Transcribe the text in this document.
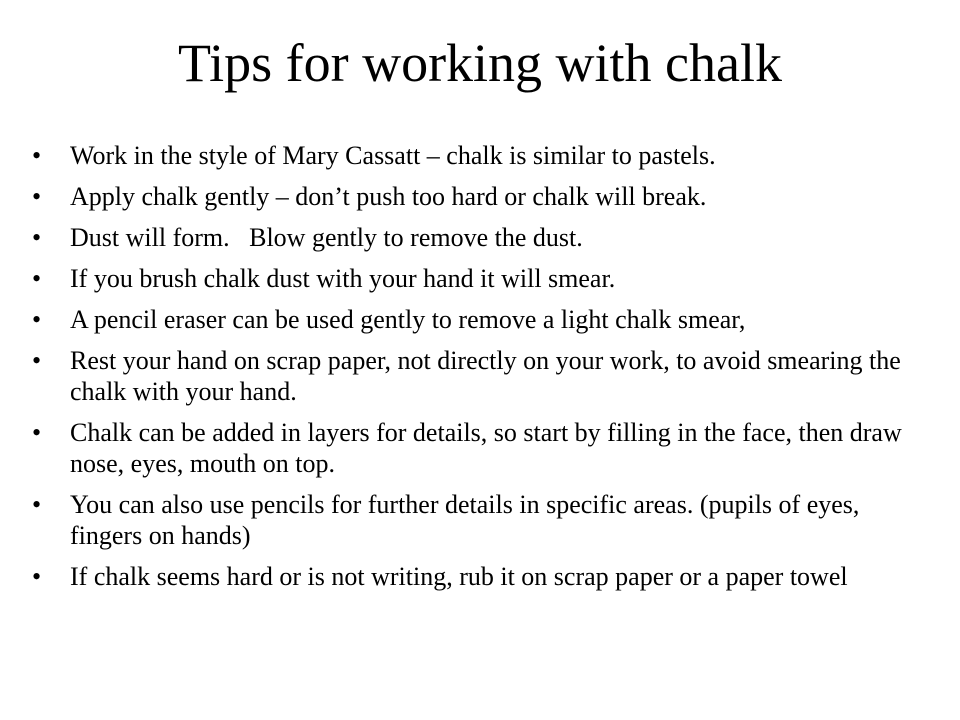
Tips for working with chalk
•	Work in the style of Mary Cassatt – chalk is similar to pastels.
•	Apply chalk gently – don’t push too hard or chalk will break.
•	Dust will form.   Blow gently to remove the dust.
•	If you brush chalk dust with your hand it will smear.
•	A pencil eraser can be used gently to remove a light chalk smear,
•	Rest your hand on scrap paper, not directly on your work, to avoid smearing the chalk with your hand.
•	Chalk can be added in layers for details, so start by filling in the face, then draw nose, eyes, mouth on top.
•	You can also use pencils for further details in specific areas. (pupils of eyes, fingers on hands)
•	If chalk seems hard or is not writing, rub it on scrap paper or a paper towel
